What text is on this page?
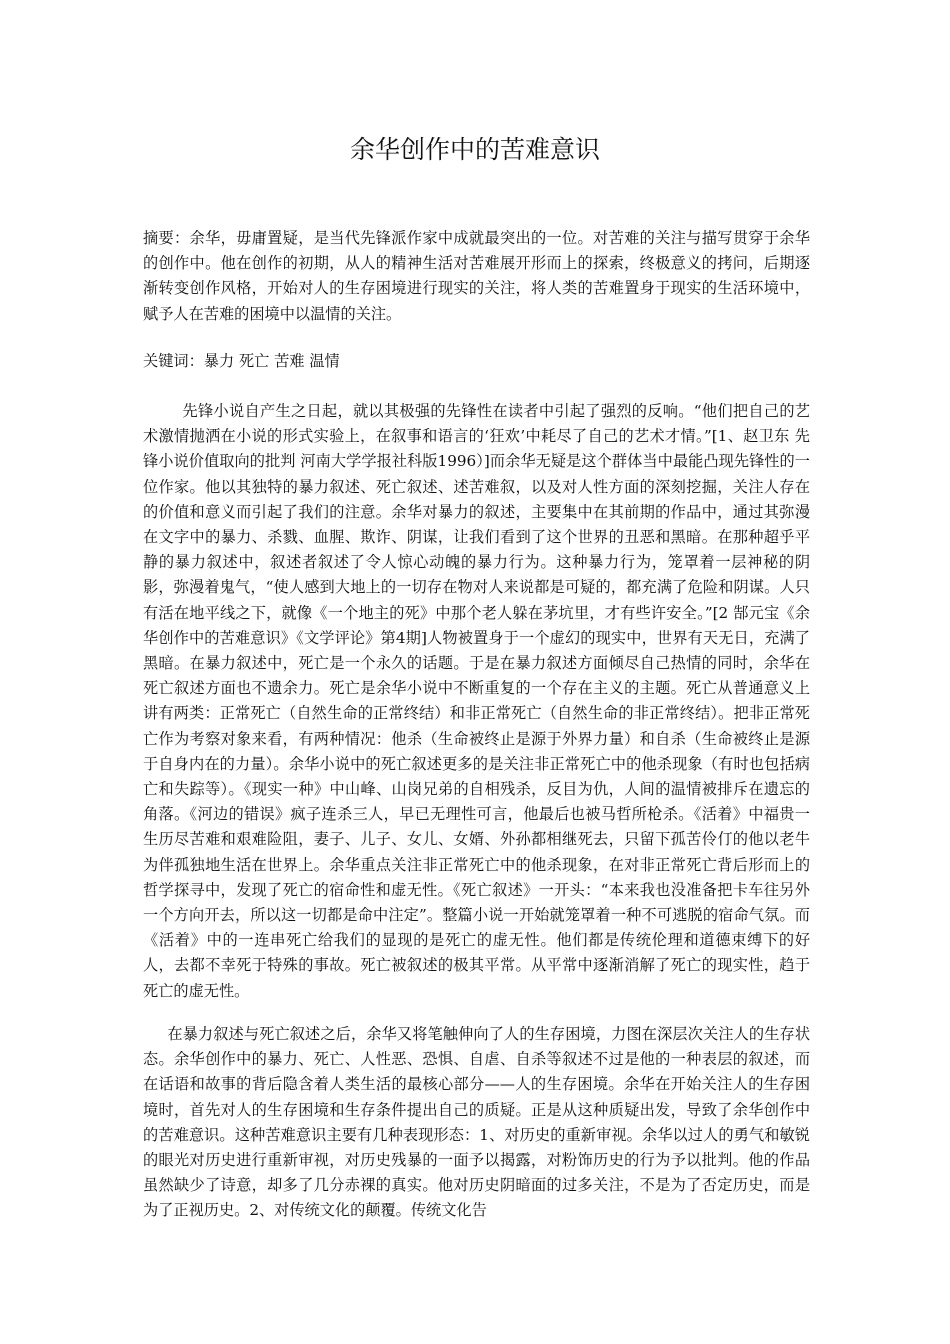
余华创作中的苦难意识

摘要：余华，毋庸置疑，是当代先锋派作家中成就最突出的一位。对苦难的关注与描写贯穿于余华的创作中。他在创作的初期，从人的精神生活对苦难展开形而上的探索，终极意义的拷问，后期逐渐转变创作风格，开始对人的生存困境进行现实的关注，将人类的苦难置身于现实的生活环境中，赋予人在苦难的困境中以温情的关注。

关键词：暴力 死亡 苦难 温情

先锋小说自产生之日起，就以其极强的先锋性在读者中引起了强烈的反响。“他们把自己的艺术激情抛洒在小说的形式实验上，在叙事和语言的‘狂欢’中耗尽了自己的艺术才情。”[1、赵卫东 先锋小说价值取向的批判 河南大学学报社科版1996）]而余华无疑是这个群体当中最能凸现先锋性的一位作家。他以其独特的暴力叙述、死亡叙述、述苦难叙，以及对人性方面的深刻挖掘，关注人存在的价值和意义而引起了我们的注意。余华对暴力的叙述，主要集中在其前期的作品中，通过其弥漫在文字中的暴力、杀戮、血腥、欺诈、阴谋，让我们看到了这个世界的丑恶和黑暗。在那种超乎平静的暴力叙述中，叙述者叙述了令人惊心动魄的暴力行为。这种暴力行为，笼罩着一层神秘的阴影，弥漫着鬼气，“使人感到大地上的一切存在物对人来说都是可疑的，都充满了危险和阴谋。人只有活在地平线之下，就像《一个地主的死》中那个老人躲在茅坑里，才有些许安全。”[2 郜元宝《余华创作中的苦难意识》《文学评论》第4期]人物被置身于一个虚幻的现实中，世界有天无日，充满了黑暗。在暴力叙述中，死亡是一个永久的话题。于是在暴力叙述方面倾尽自己热情的同时，余华在死亡叙述方面也不遗余力。死亡是余华小说中不断重复的一个存在主义的主题。死亡从普通意义上讲有两类：正常死亡（自然生命的正常终结）和非正常死亡（自然生命的非正常终结）。把非正常死亡作为考察对象来看，有两种情况：他杀（生命被终止是源于外界力量）和自杀（生命被终止是源于自身内在的力量）。余华小说中的死亡叙述更多的是关注非正常死亡中的他杀现象（有时也包括病亡和失踪等）。《现实一种》中山峰、山岗兄弟的自相残杀，反目为仇，人间的温情被排斥在遗忘的角落。《河边的错误》疯子连杀三人，早已无理性可言，他最后也被马哲所枪杀。《活着》中福贵一生历尽苦难和艰难险阻，妻子、儿子、女儿、女婿、外孙都相继死去，只留下孤苦伶仃的他以老牛为伴孤独地生活在世界上。余华重点关注非正常死亡中的他杀现象，在对非正常死亡背后形而上的哲学探寻中，发现了死亡的宿命性和虚无性。《死亡叙述》一开头：“本来我也没准备把卡车往另外一个方向开去，所以这一切都是命中注定”。整篇小说一开始就笼罩着一种不可逃脱的宿命气氛。而《活着》中的一连串死亡给我们的显现的是死亡的虚无性。他们都是传统伦理和道德束缚下的好人，去都不幸死于特殊的事故。死亡被叙述的极其平常。从平常中逐渐消解了死亡的现实性，趋于死亡的虚无性。

在暴力叙述与死亡叙述之后，余华又将笔触伸向了人的生存困境，力图在深层次关注人的生存状态。余华创作中的暴力、死亡、人性恶、恐惧、自虐、自杀等叙述不过是他的一种表层的叙述，而在话语和故事的背后隐含着人类生活的最核心部分——人的生存困境。余华在开始关注人的生存困境时，首先对人的生存困境和生存条件提出自己的质疑。正是从这种质疑出发，导致了余华创作中的苦难意识。这种苦难意识主要有几种表现形态：1、对历史的重新审视。余华以过人的勇气和敏锐的眼光对历史进行重新审视，对历史残暴的一面予以揭露，对粉饰历史的行为予以批判。他的作品虽然缺少了诗意，却多了几分赤裸的真实。他对历史阴暗面的过多关注，不是为了否定历史，而是为了正视历史。2、对传统文化的颠覆。传统文化告
